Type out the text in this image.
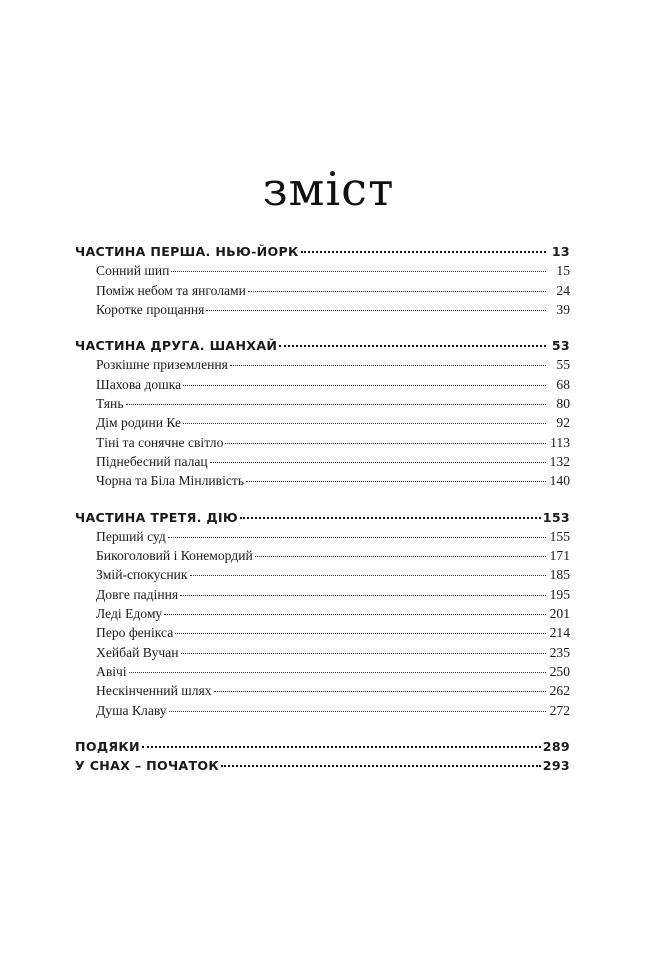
зміст
ЧАСТИНА ПЕРША. НЬЮ-ЙОРК	13
Сонний шип	15
Поміж небом та янголами	24
Коротке прощання	39
ЧАСТИНА ДРУГА. ШАНХАЙ	53
Розкішне приземлення	55
Шахова дошка	68
Тянь	80
Дім родини Ке	92
Тіні та сонячне світло	113
Піднебесний палац	132
Чорна та Біла Мінливість	140
ЧАСТИНА ТРЕТЯ. ДІЮ	153
Перший суд	155
Бикоголовий і Конемордий	171
Змій-спокусник	185
Довге падіння	195
Леді Едому	201
Перо фенікса	214
Хейбай Вучан	235
Авічі	250
Нескінченний шлях	262
Душа Клаву	272
ПОДЯКИ	289
У СНАХ – ПОЧАТОК	293
